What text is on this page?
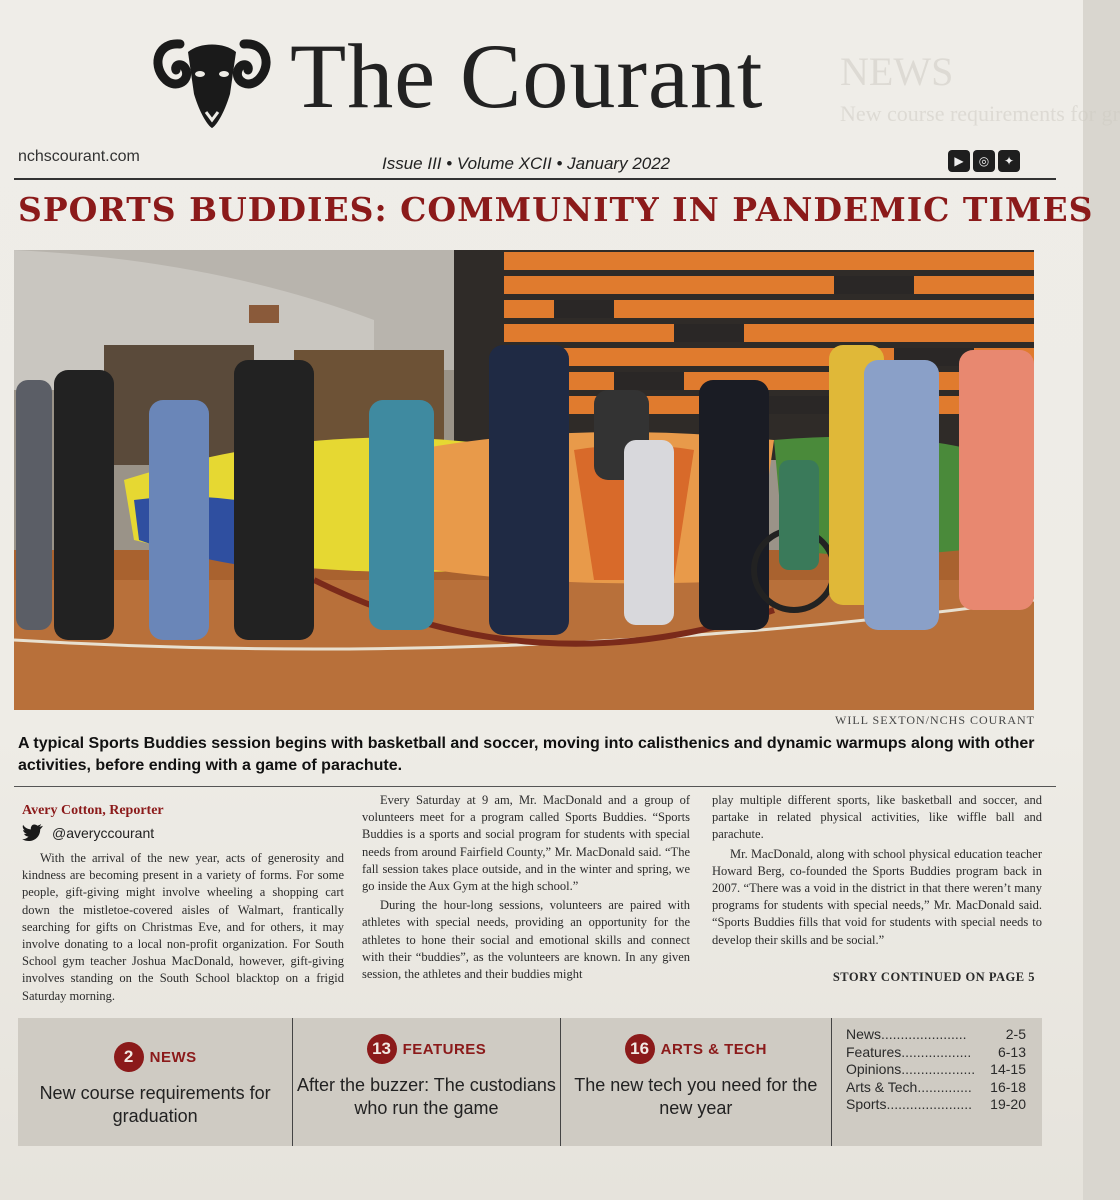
NEWS
New course requirements for gr
The Courant
nchscourant.com	Issue III • Volume XCII • January 2022	▶	◎	✦
SPORTS BUDDIES: COMMUNITY IN PANDEMIC TIMES
WILL SEXTON/NCHS COURANT
A typical Sports Buddies session begins with basketball and soccer, moving into calisthenics and dynamic warmups along with other activities, before ending with a game of parachute.
Avery Cotton, Reporter
@averyccourant

With the arrival of the new year, acts of generosity and kindness are becoming present in a variety of forms. For some people, gift-giving might involve wheeling a shopping cart down the mistletoe-covered aisles of Walmart, frantically searching for gifts on Christmas Eve, and for others, it may involve donating to a local non-profit organization. For South School gym teacher Joshua MacDonald, however, gift-giving involves standing on the South School blacktop on a frigid Saturday morning.

Every Saturday at 9 am, Mr. MacDonald and a group of volunteers meet for a program called Sports Buddies. “Sports Buddies is a sports and social program for students with special needs from around Fairfield County,” Mr. MacDonald said. “The fall session takes place outside, and in the winter and spring, we go inside the Aux Gym at the high school.”

During the hour-long sessions, volunteers are paired with athletes with special needs, providing an opportunity for the athletes to hone their social and emotional skills and connect with their “buddies”, as the volunteers are known. In any given session, the athletes and their buddies might

play multiple different sports, like basketball and soccer, and partake in related physical activities, like wiffle ball and parachute.

Mr. MacDonald, along with school physical education teacher Howard Berg, co-founded the Sports Buddies program back in 2007. “There was a void in the district in that there weren’t many programs for students with special needs,” Mr. MacDonald said. “Sports Buddies fills that void for students with special needs to develop their skills and be social.”

STORY CONTINUED ON PAGE 5
2 NEWS
New course requirements for graduation
13 FEATURES
After the buzzer: The custodians who run the game
16 ARTS & TECH
The new tech you need for the new year
News ......................	2-5
Features ..................	6-13
Opinions ...................	14-15
Arts & Tech ..............	16-18
Sports ......................	19-20
